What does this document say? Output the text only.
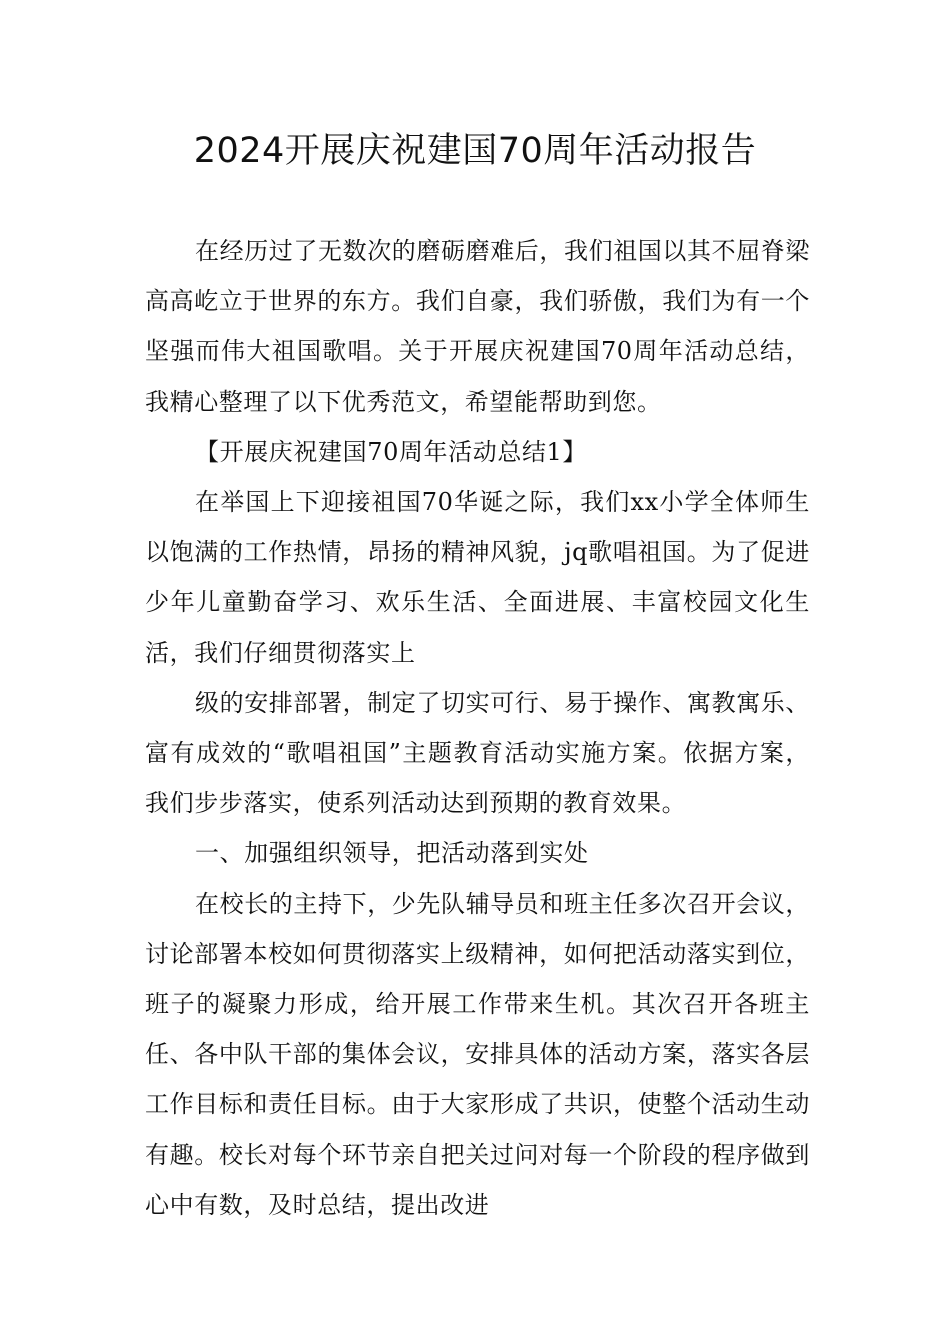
2024开展庆祝建国70周年活动报告

在经历过了无数次的磨砺磨难后，我们祖国以其不屈脊梁高高屹立于世界的东方。我们自豪，我们骄傲，我们为有一个坚强而伟大祖国歌唱。关于开展庆祝建国70周年活动总结，我精心整理了以下优秀范文，希望能帮助到您。

【开展庆祝建国70周年活动总结1】

在举国上下迎接祖国70华诞之际，我们xx小学全体师生以饱满的工作热情，昂扬的精神风貌，jq歌唱祖国。为了促进少年儿童勤奋学习、欢乐生活、全面进展、丰富校园文化生活，我们仔细贯彻落实上

级的安排部署，制定了切实可行、易于操作、寓教寓乐、富有成效的“歌唱祖国”主题教育活动实施方案。依据方案，我们步步落实，使系列活动达到预期的教育效果。

一、加强组织领导，把活动落到实处

在校长的主持下，少先队辅导员和班主任多次召开会议，讨论部署本校如何贯彻落实上级精神，如何把活动落实到位，班子的凝聚力形成，给开展工作带来生机。其次召开各班主任、各中队干部的集体会议，安排具体的活动方案，落实各层工作目标和责任目标。由于大家形成了共识，使整个活动生动有趣。校长对每个环节亲自把关过问对每一个阶段的程序做到心中有数，及时总结，提出改进
